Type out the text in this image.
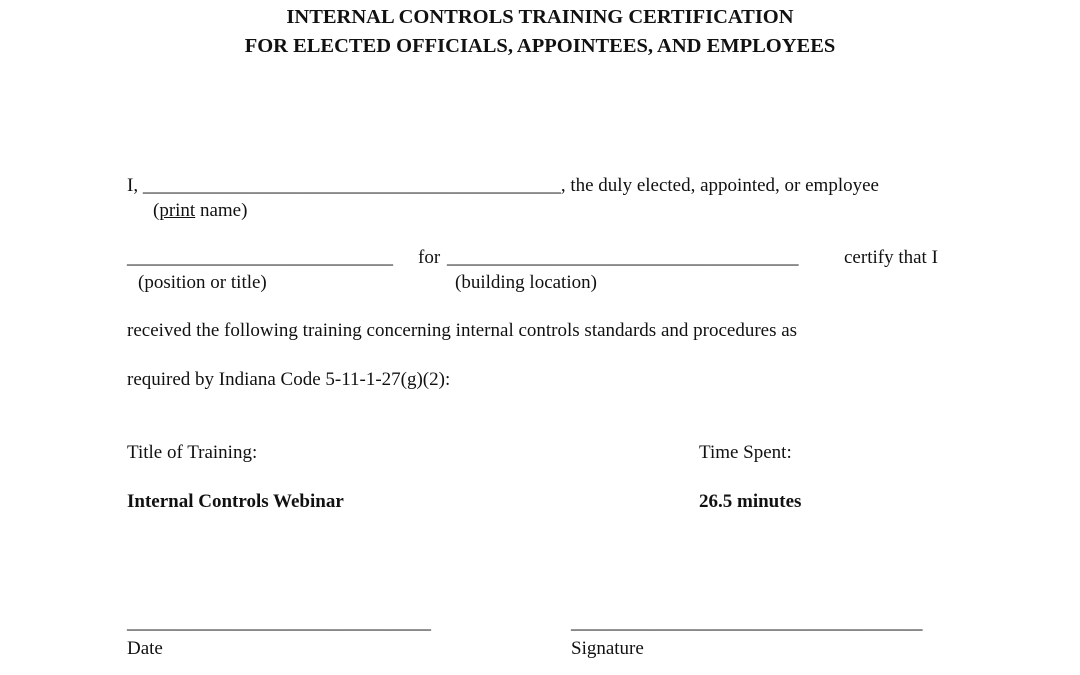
INTERNAL CONTROLS TRAINING CERTIFICATION
FOR ELECTED OFFICIALS, APPOINTEES, AND EMPLOYEES
I, ____________________________________________, the duly elected, appointed, or employee
(print name)
____________________________ for _____________________________________ certify that I
(position or title)	(building location)

received the following training concerning internal controls standards and procedures as

required by Indiana Code 5-11-1-27(g)(2):

Title of Training:	Time Spent:
Internal Controls Webinar	26.5 minutes
________________________________	_____________________________________
Date	Signature
